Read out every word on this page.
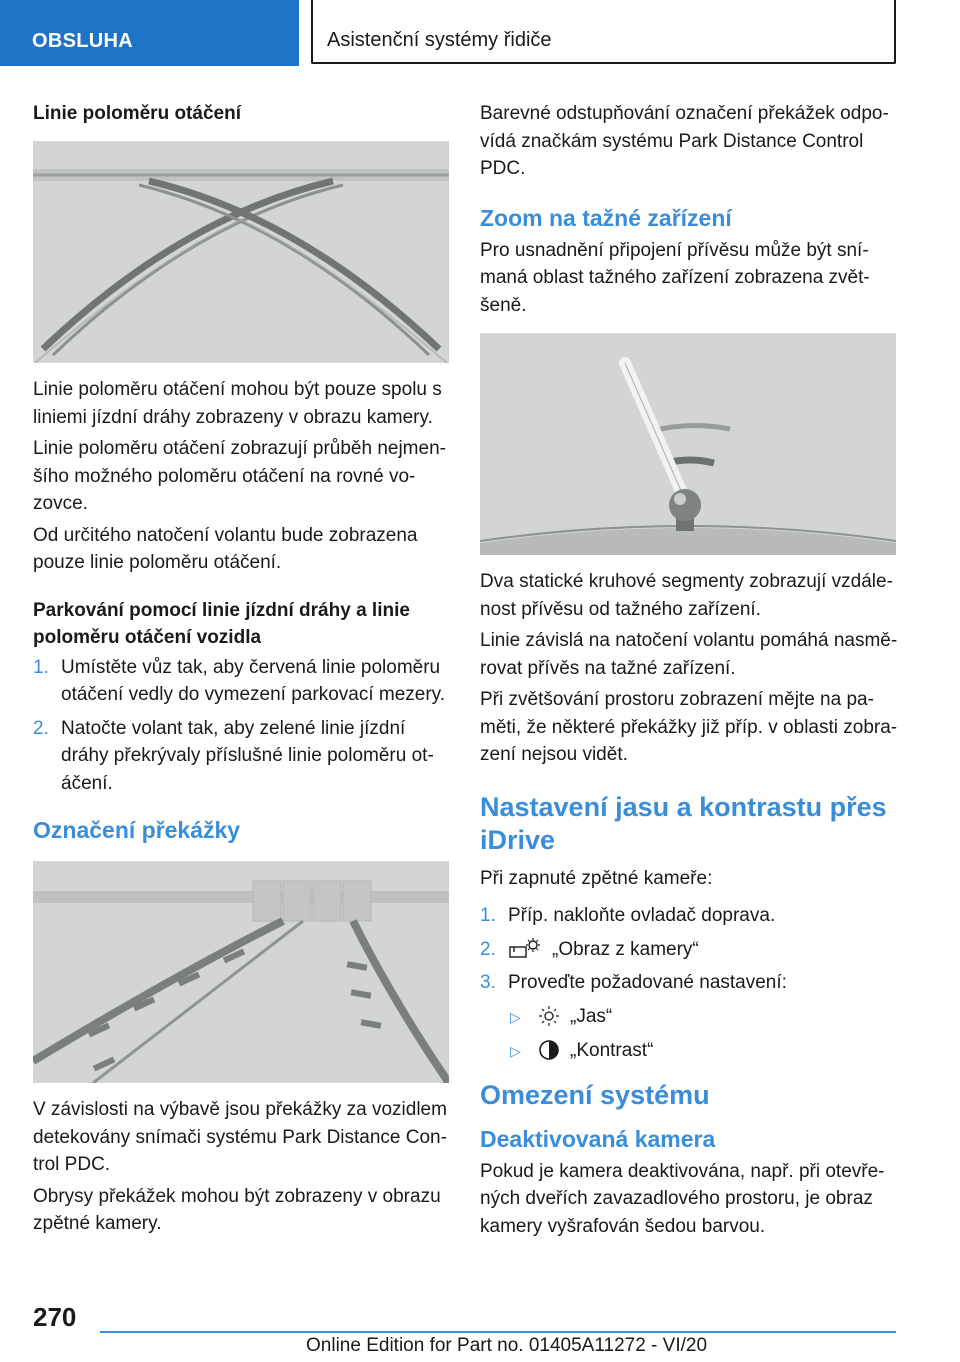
OBSLUHA	Asistenční systémy řidiče
Linie poloměru otáčení
Linie poloměru otáčení mohou být pouze spolu s liniemi jízdní dráhy zobrazeny v obrazu kamery.
Linie poloměru otáčení zobrazují průběh nejmenšího možného poloměru otáčení na rovné vozovce.
Od určitého natočení volantu bude zobrazena pouze linie poloměru otáčení.
Parkování pomocí linie jízdní dráhy a linie poloměru otáčení vozidla
1. Umístěte vůz tak, aby červená linie poloměru otáčení vedly do vymezení parkovací mezery.
2. Natočte volant tak, aby zelené linie jízdní dráhy překrývaly příslušné linie poloměru otáčení.
Označení překážky
V závislosti na výbavě jsou překážky za vozidlem detekovány snímači systému Park Distance Control PDC.
Obrysy překážek mohou být zobrazeny v obrazu zpětné kamery.
Barevné odstupňování označení překážek odpovídá značkám systému Park Distance Control PDC.
Zoom na tažné zařízení
Pro usnadnění připojení přívěsu může být snímaná oblast tažného zařízení zobrazena zvětšeně.
Dva statické kruhové segmenty zobrazují vzdálenost přívěsu od tažného zařízení.
Linie závislá na natočení volantu pomáhá nasměrovat přívěs na tažné zařízení.
Při zvětšování prostoru zobrazení mějte na paměti, že některé překážky již příp. v oblasti zobrazení nejsou vidět.
Nastavení jasu a kontrastu přes iDrive
Při zapnuté zpětné kameře:
1. Příp. nakloňte ovladač doprava.
2.	„Obraz z kamery“
3. Proveďte požadované nastavení:
▷	„Jas“
▷	„Kontrast“
Omezení systému
Deaktivovaná kamera
Pokud je kamera deaktivována, např. při otevřených dveřích zavazadlového prostoru, je obraz kamery vyšrafován šedou barvou.
270
Online Edition for Part no. 01405A11272 - VI/20
